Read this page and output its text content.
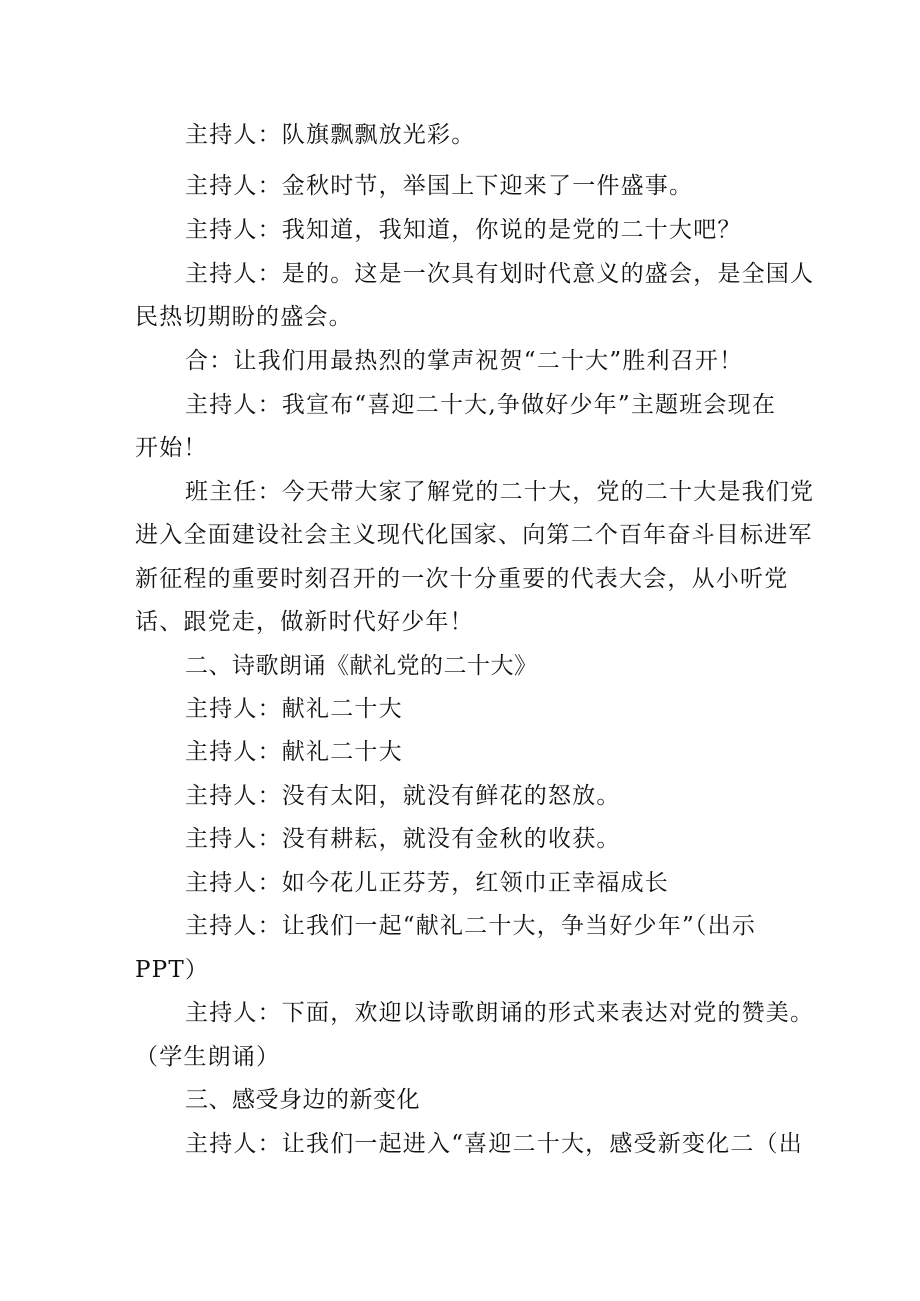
主持人：队旗飘飘放光彩。
主持人：金秋时节，举国上下迎来了一件盛事。
主持人：我知道，我知道，你说的是党的二十大吧？
主持人：是的。这是一次具有划时代意义的盛会，是全国人
民热切期盼的盛会。
合：让我们用最热烈的掌声祝贺“二十大”胜利召开！
主持人：我宣布“喜迎二十大,争做好少年”主题班会现在
开始！
班主任：今天带大家了解党的二十大，党的二十大是我们党
进入全面建设社会主义现代化国家、向第二个百年奋斗目标进军
新征程的重要时刻召开的一次十分重要的代表大会，从小听党
话、跟党走，做新时代好少年！
二、诗歌朗诵《献礼党的二十大》
主持人：献礼二十大
主持人：献礼二十大
主持人：没有太阳，就没有鲜花的怒放。
主持人：没有耕耘，就没有金秋的收获。
主持人：如今花儿正芬芳，红领巾正幸福成长
主持人：让我们一起“献礼二十大，争当好少年”（出示
PPT）
主持人：下面，欢迎以诗歌朗诵的形式来表达对党的赞美。
（学生朗诵）
三、感受身边的新变化
主持人：让我们一起进入“喜迎二十大，感受新变化二（出
